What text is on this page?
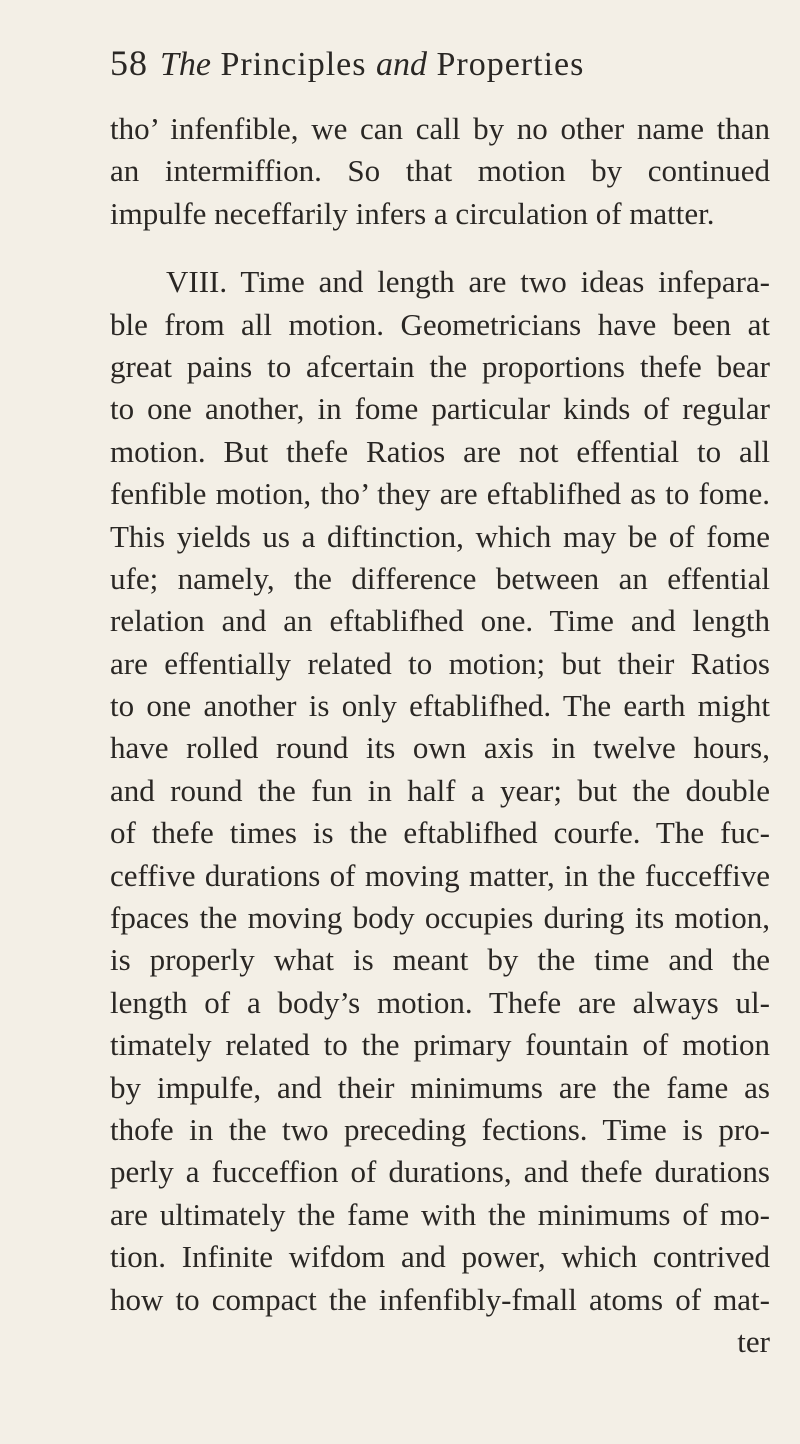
58 The Principles and Properties
tho’ infenfible, we can call by no other name than
an intermiffion. So that motion by continued
impulfe neceffarily infers a circulation of matter.
VIII. Time and length are two ideas infepara-
ble from all motion. Geometricians have been at
great pains to afcertain the proportions thefe bear
to one another, in fome particular kinds of regular
motion. But thefe Ratios are not effential to all
fenfible motion, tho’ they are eftablifhed as to fome.
This yields us a diftinction, which may be of fome
ufe; namely, the difference between an effential
relation and an eftablifhed one. Time and length
are effentially related to motion; but their Ratios
to one another is only eftablifhed. The earth might
have rolled round its own axis in twelve hours,
and round the fun in half a year; but the double
of thefe times is the eftablifhed courfe. The fuc-
ceffive durations of moving matter, in the fucceffive
fpaces the moving body occupies during its motion,
is properly what is meant by the time and the
length of a body’s motion. Thefe are always ul-
timately related to the primary fountain of motion
by impulfe, and their minimums are the fame as
thofe in the two preceding fections. Time is pro-
perly a fucceffion of durations, and thefe durations
are ultimately the fame with the minimums of mo-
tion. Infinite wifdom and power, which contrived
how to compact the infenfibly-fmall atoms of mat-
ter
